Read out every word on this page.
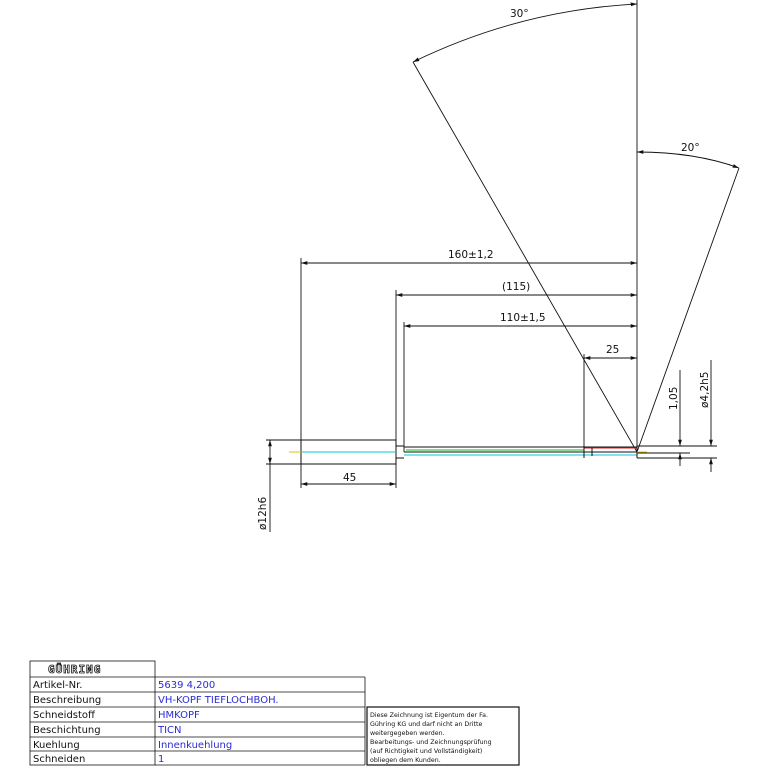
30°
20°
160±1,2
(115)
110±1,5
25
45
ø12h6
1,05 ø4,2h5
GÜHRING
Artikel-Nr.	5639 4,200
Beschreibung	VH-KOPF TIEFLOCHBOH.
Schneidstoff	HMKOPF
Beschichtung	TICN
Kuehlung	Innenkuehlung
Schneiden	1
Diese Zeichnung ist Eigentum der Fa.
Gühring KG und darf nicht an Dritte
weitergegeben werden.
Bearbeitungs- und Zeichnungsprüfung
(auf Richtigkeit und Vollständigkeit)
obliegen dem Kunden.
